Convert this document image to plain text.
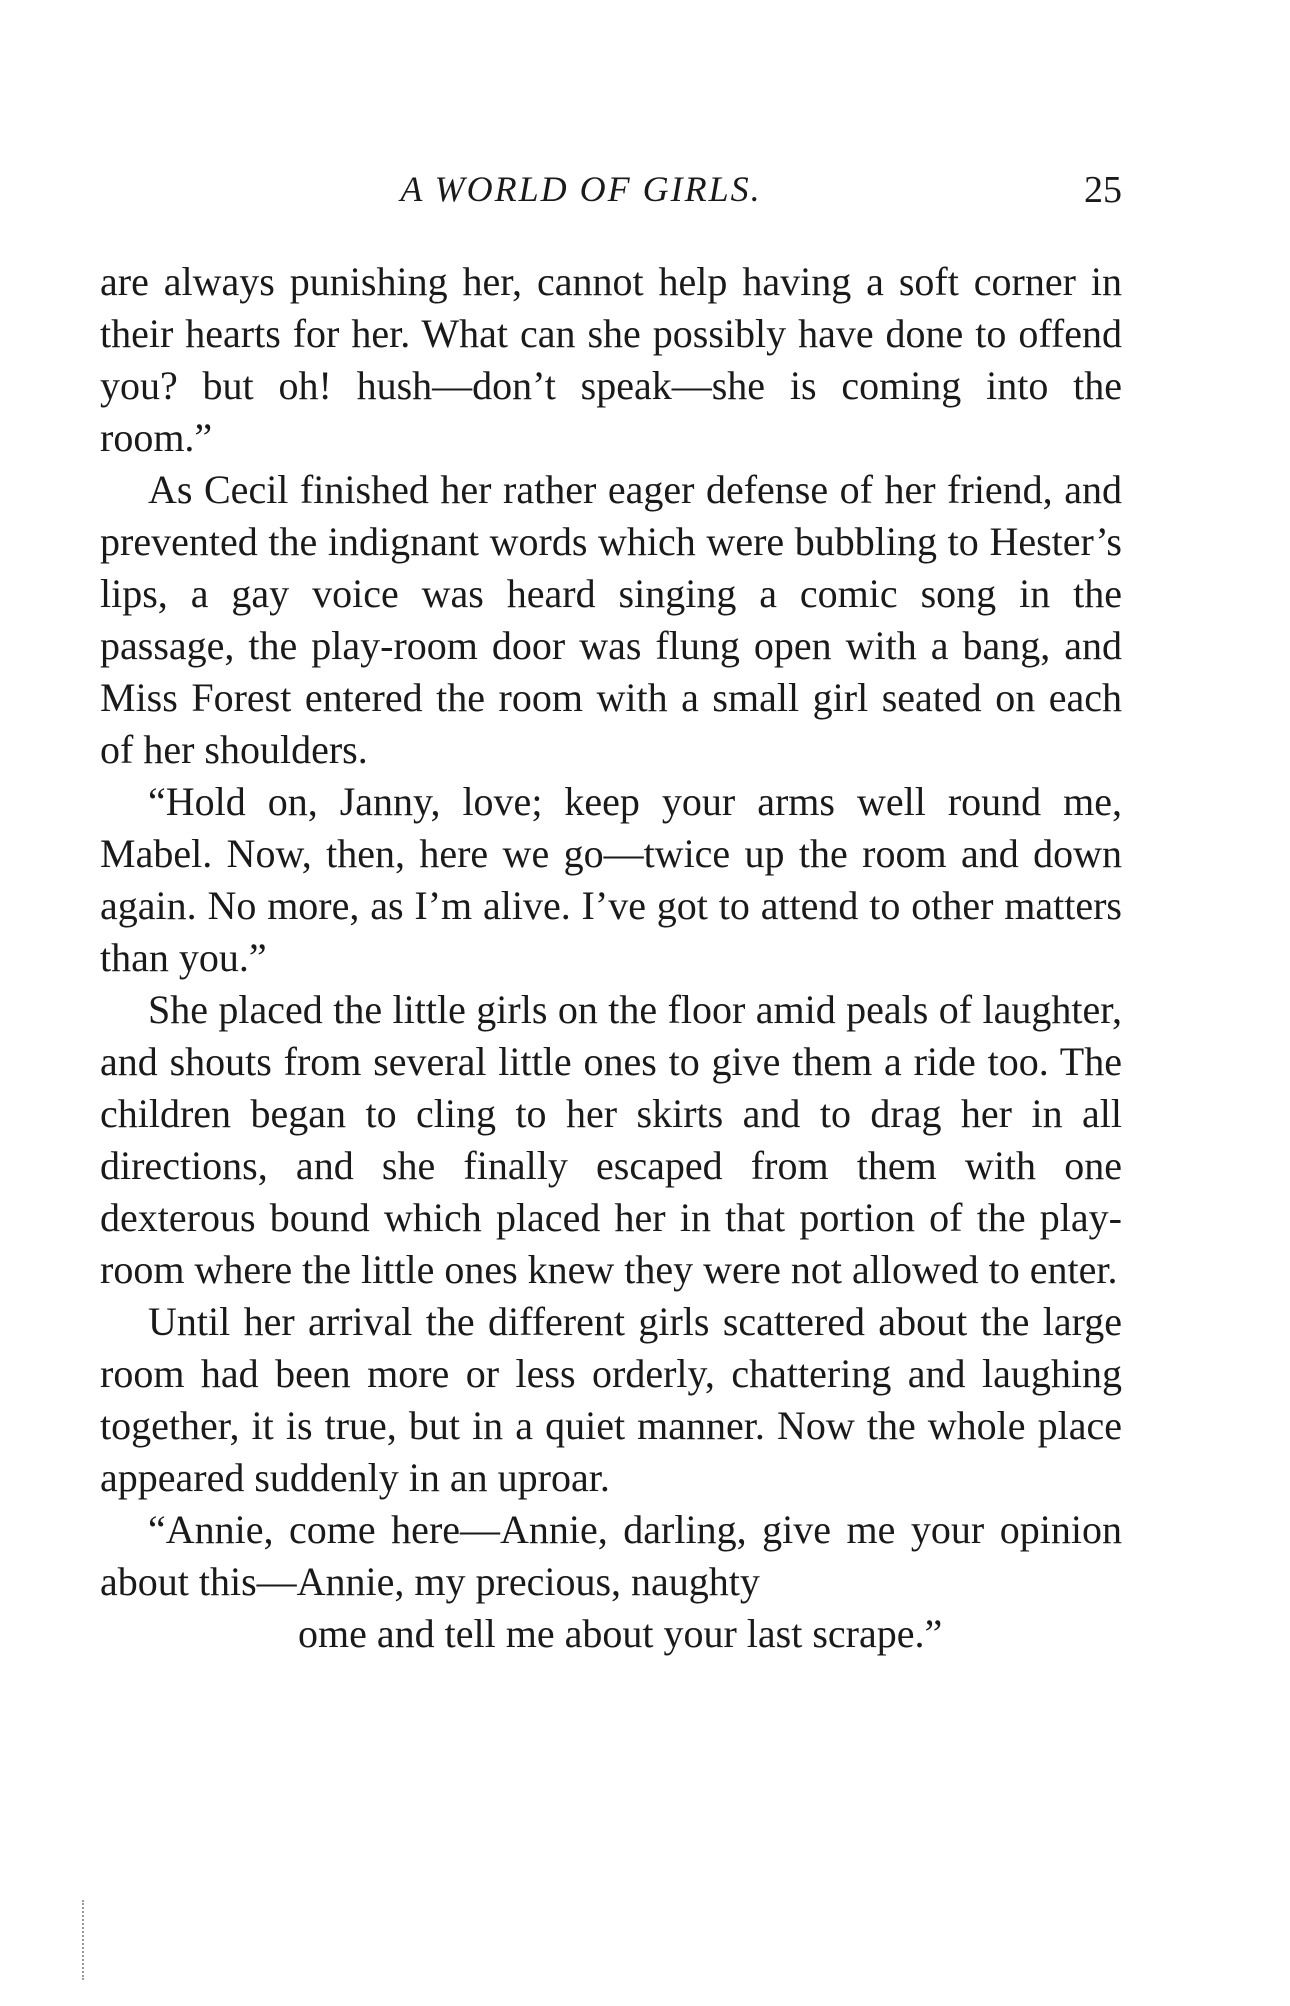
A WORLD OF GIRLS.	25

are always punishing her, cannot help having a soft corner in their hearts for her. What can she possibly have done to offend you? but oh! hush—don’t speak—she is coming into the room.”

As Cecil finished her rather eager defense of her friend, and prevented the indignant words which were bubbling to Hester’s lips, a gay voice was heard singing a comic song in the passage, the play-room door was flung open with a bang, and Miss Forest entered the room with a small girl seated on each of her shoulders.

“Hold on, Janny, love; keep your arms well round me, Mabel. Now, then, here we go—twice up the room and down again. No more, as I’m alive. I’ve got to attend to other matters than you.”

She placed the little girls on the floor amid peals of laughter, and shouts from several little ones to give them a ride too. The children began to cling to her skirts and to drag her in all directions, and she finally escaped from them with one dexterous bound which placed her in that portion of the play-room where the little ones knew they were not allowed to enter.

Until her arrival the different girls scattered about the large room had been more or less orderly, chattering and laughing together, it is true, but in a quiet manner. Now the whole place appeared suddenly in an uproar.

“Annie, come here—Annie, darling, give me your opinion about this—Annie, my precious, naughty

ome and tell me about your last scrape.”
